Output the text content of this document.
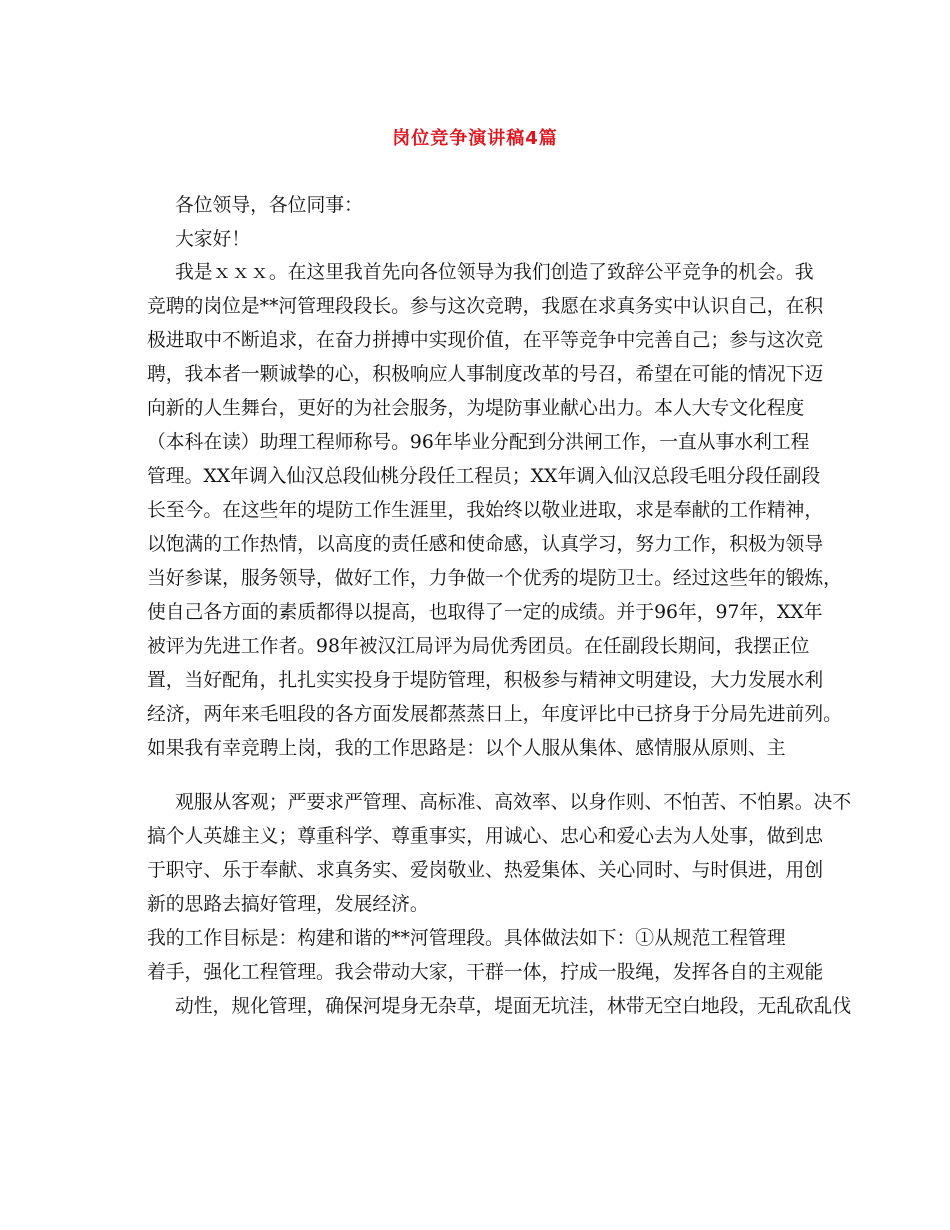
岗位竞争演讲稿4篇
各位领导，各位同事：
大家好！
我是ｘｘｘ。在这里我首先向各位领导为我们创造了致辞公平竞争的机会。我
竞聘的岗位是**河管理段段长。参与这次竞聘，我愿在求真务实中认识自己，在积
极进取中不断追求，在奋力拼搏中实现价值，在平等竞争中完善自己；参与这次竞
聘，我本者一颗诚挚的心，积极响应人事制度改革的号召，希望在可能的情况下迈
向新的人生舞台，更好的为社会服务，为堤防事业献心出力。本人大专文化程度
（本科在读）助理工程师称号。96年毕业分配到分洪闸工作，一直从事水利工程
管理。XX年调入仙汉总段仙桃分段任工程员；XX年调入仙汉总段毛咀分段任副段
长至今。在这些年的堤防工作生涯里，我始终以敬业进取，求是奉献的工作精神，
以饱满的工作热情，以高度的责任感和使命感，认真学习，努力工作，积极为领导
当好参谋，服务领导，做好工作，力争做一个优秀的堤防卫士。经过这些年的锻炼，
使自己各方面的素质都得以提高，也取得了一定的成绩。并于96年，97年，XX年
被评为先进工作者。98年被汉江局评为局优秀团员。在任副段长期间，我摆正位
置，当好配角，扎扎实实投身于堤防管理，积极参与精神文明建设，大力发展水利
经济，两年来毛咀段的各方面发展都蒸蒸日上，年度评比中已挤身于分局先进前列。
如果我有幸竞聘上岗，我的工作思路是：以个人服从集体、感情服从原则、主
观服从客观；严要求严管理、高标准、高效率、以身作则、不怕苦、不怕累。决不
搞个人英雄主义；尊重科学、尊重事实，用诚心、忠心和爱心去为人处事，做到忠
于职守、乐于奉献、求真务实、爱岗敬业、热爱集体、关心同时、与时俱进，用创
新的思路去搞好管理，发展经济。
我的工作目标是：构建和谐的**河管理段。具体做法如下：①从规范工程管理
着手，强化工程管理。我会带动大家，干群一体，拧成一股绳，发挥各自的主观能
动性，规化管理，确保河堤身无杂草，堤面无坑洼，林带无空白地段，无乱砍乱伐
